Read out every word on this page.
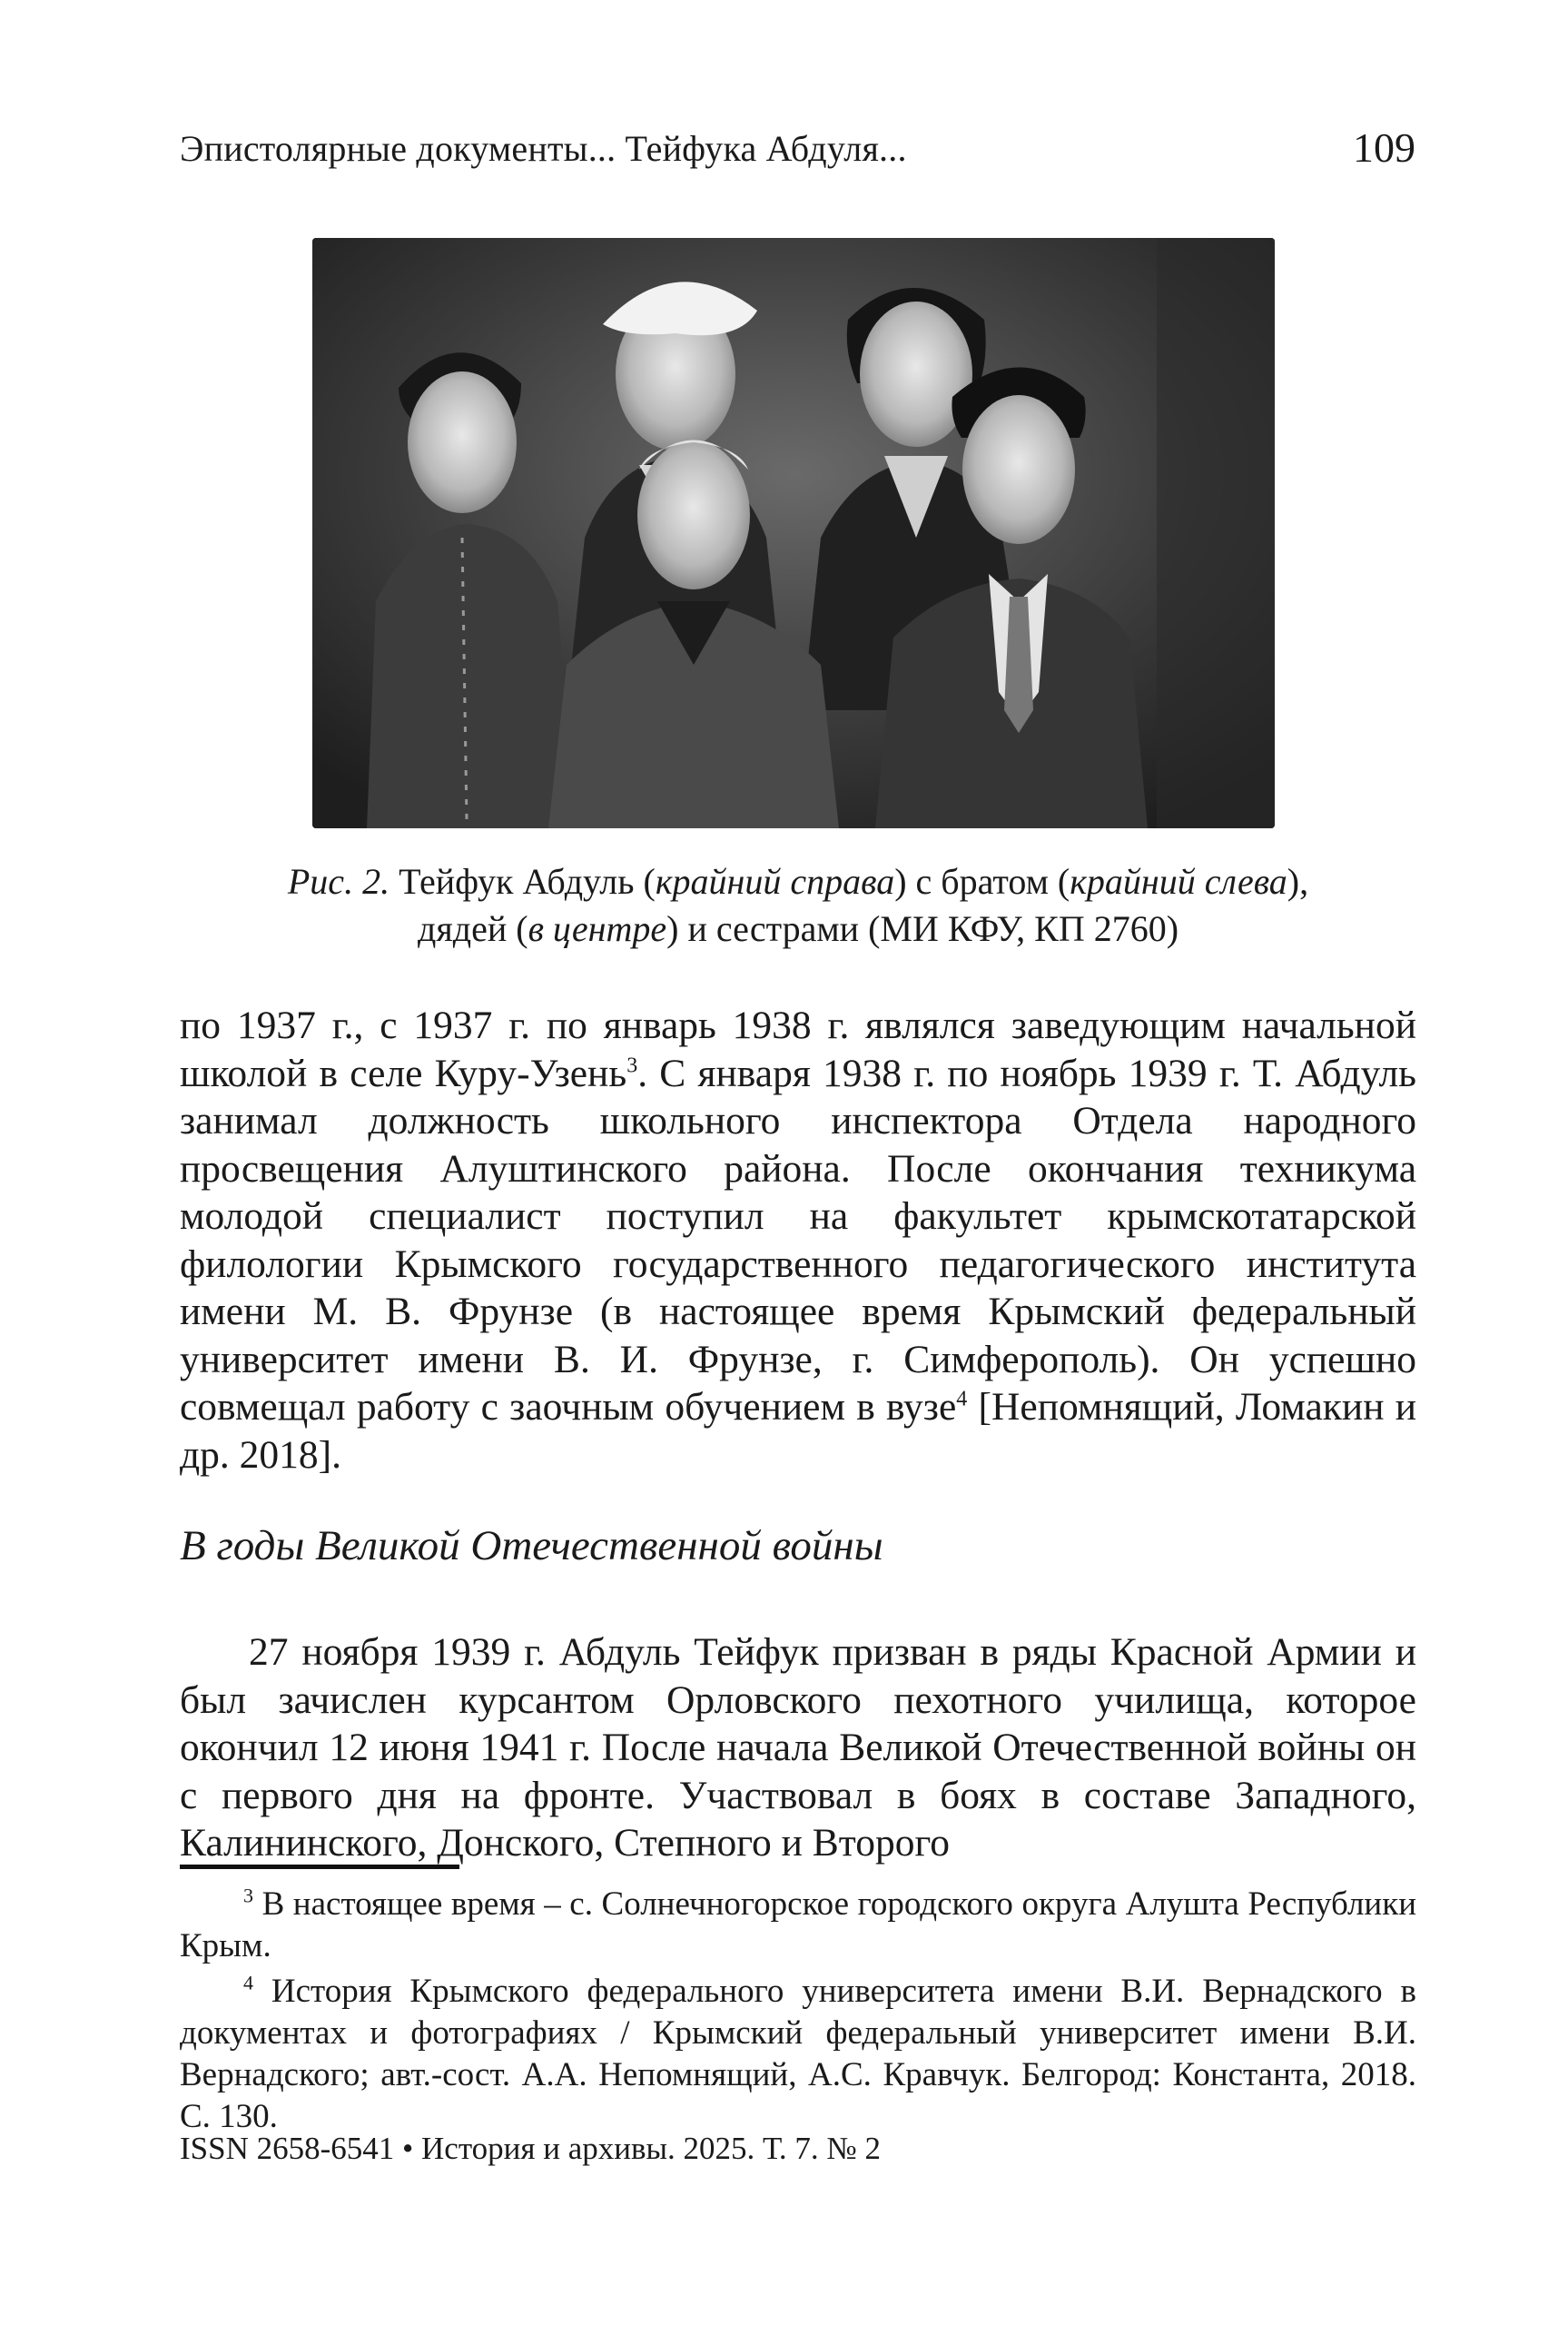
Эпистолярные документы... Тейфука Абдуля...	109
Рис. 2. Тейфук Абдуль (крайний справа) с братом (крайний слева),
дядей (в центре) и сестрами (МИ КФУ, КП 2760)

по 1937 г., с 1937 г. по январь 1938 г. являлся заведующим начальной школой в селе Куру-Узень$^3$. С января 1938 г. по ноябрь 1939 г. Т. Абдуль занимал должность школьного инспектора Отдела народного просвещения Алуштинского района. После окончания техникума молодой специалист поступил на факультет крымскотатарской филологии Крымского государственного педагогического института имени М. В. Фрунзе (в настоящее время Крымский федеральный университет имени В. И. Фрунзе, г. Симферополь). Он успешно совмещал работу с заочным обучением в вузе$^4$ [Непомнящий, Ломакин и др. 2018].

В годы Великой Отечественной войны

27 ноября 1939 г. Абдуль Тейфук призван в ряды Красной Армии и был зачислен курсантом Орловского пехотного училища, которое окончил 12 июня 1941 г. После начала Великой Отечественной войны он с первого дня на фронте. Участвовал в боях в составе Западного, Калининского, Донского, Степного и Второго

$^3$ В настоящее время – с. Солнечногорское городского округа Алушта Республики Крым.

$^4$ История Крымского федерального университета имени В.И. Вернадского в документах и фотографиях / Крымский федеральный университет имени В.И. Вернадского; авт.-сост. А.А. Непомнящий, А.С. Кравчук. Белгород: Константа, 2018. С. 130.

ISSN 2658-6541 • История и архивы. 2025. Т. 7. № 2
